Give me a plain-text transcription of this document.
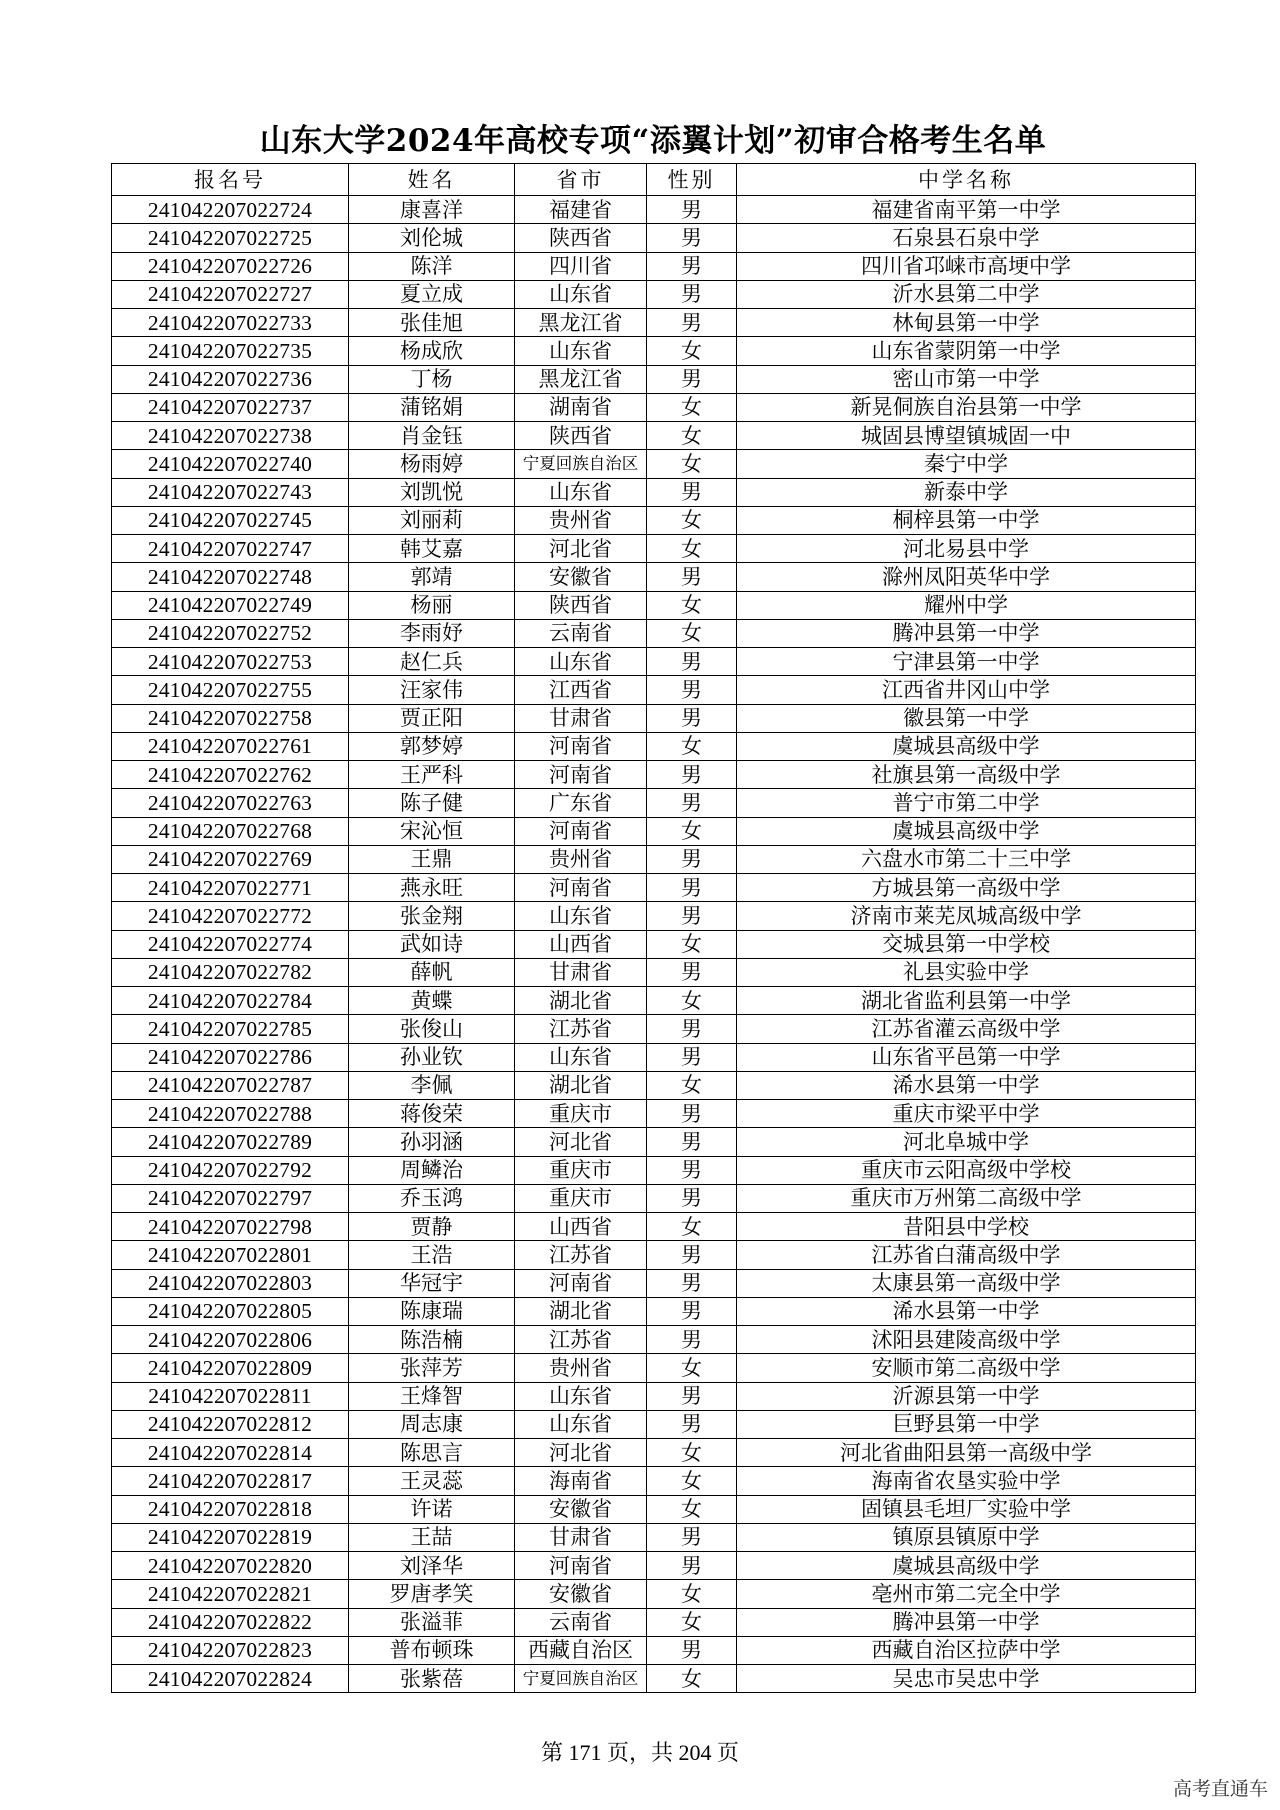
山东大学2024年高校专项“添翼计划”初审合格考生名单
报名号	姓名	省市	性别	中学名称
241042207022724	康喜洋	福建省	男	福建省南平第一中学
241042207022725	刘伦城	陕西省	男	石泉县石泉中学
241042207022726	陈洋	四川省	男	四川省邛崃市高埂中学
241042207022727	夏立成	山东省	男	沂水县第二中学
241042207022733	张佳旭	黑龙江省	男	林甸县第一中学
241042207022735	杨成欣	山东省	女	山东省蒙阴第一中学
241042207022736	丁杨	黑龙江省	男	密山市第一中学
241042207022737	蒲铭娟	湖南省	女	新晃侗族自治县第一中学
241042207022738	肖金钰	陕西省	女	城固县博望镇城固一中
241042207022740	杨雨婷	宁夏回族自治区	女	秦宁中学
241042207022743	刘凯悦	山东省	男	新泰中学
241042207022745	刘丽莉	贵州省	女	桐梓县第一中学
241042207022747	韩艾嘉	河北省	女	河北易县中学
241042207022748	郭靖	安徽省	男	滁州凤阳英华中学
241042207022749	杨丽	陕西省	女	耀州中学
241042207022752	李雨妤	云南省	女	腾冲县第一中学
241042207022753	赵仁兵	山东省	男	宁津县第一中学
241042207022755	汪家伟	江西省	男	江西省井冈山中学
241042207022758	贾正阳	甘肃省	男	徽县第一中学
241042207022761	郭梦婷	河南省	女	虞城县高级中学
241042207022762	王严科	河南省	男	社旗县第一高级中学
241042207022763	陈子健	广东省	男	普宁市第二中学
241042207022768	宋沁恒	河南省	女	虞城县高级中学
241042207022769	王鼎	贵州省	男	六盘水市第二十三中学
241042207022771	燕永旺	河南省	男	方城县第一高级中学
241042207022772	张金翔	山东省	男	济南市莱芜凤城高级中学
241042207022774	武如诗	山西省	女	交城县第一中学校
241042207022782	薛帆	甘肃省	男	礼县实验中学
241042207022784	黄蝶	湖北省	女	湖北省监利县第一中学
241042207022785	张俊山	江苏省	男	江苏省灌云高级中学
241042207022786	孙业钦	山东省	男	山东省平邑第一中学
241042207022787	李佩	湖北省	女	浠水县第一中学
241042207022788	蒋俊荣	重庆市	男	重庆市梁平中学
241042207022789	孙羽涵	河北省	男	河北阜城中学
241042207022792	周鳞治	重庆市	男	重庆市云阳高级中学校
241042207022797	乔玉鸿	重庆市	男	重庆市万州第二高级中学
241042207022798	贾静	山西省	女	昔阳县中学校
241042207022801	王浩	江苏省	男	江苏省白蒲高级中学
241042207022803	华冠宇	河南省	男	太康县第一高级中学
241042207022805	陈康瑞	湖北省	男	浠水县第一中学
241042207022806	陈浩楠	江苏省	男	沭阳县建陵高级中学
241042207022809	张萍芳	贵州省	女	安顺市第二高级中学
241042207022811	王烽智	山东省	男	沂源县第一中学
241042207022812	周志康	山东省	男	巨野县第一中学
241042207022814	陈思言	河北省	女	河北省曲阳县第一高级中学
241042207022817	王灵蕊	海南省	女	海南省农垦实验中学
241042207022818	许诺	安徽省	女	固镇县毛坦厂实验中学
241042207022819	王喆	甘肃省	男	镇原县镇原中学
241042207022820	刘泽华	河南省	男	虞城县高级中学
241042207022821	罗唐孝笑	安徽省	女	亳州市第二完全中学
241042207022822	张溢菲	云南省	女	腾冲县第一中学
241042207022823	普布顿珠	西藏自治区	男	西藏自治区拉萨中学
241042207022824	张紫蓓	宁夏回族自治区	女	吴忠市吴忠中学
第 171 页，共 204 页
高考直通车
